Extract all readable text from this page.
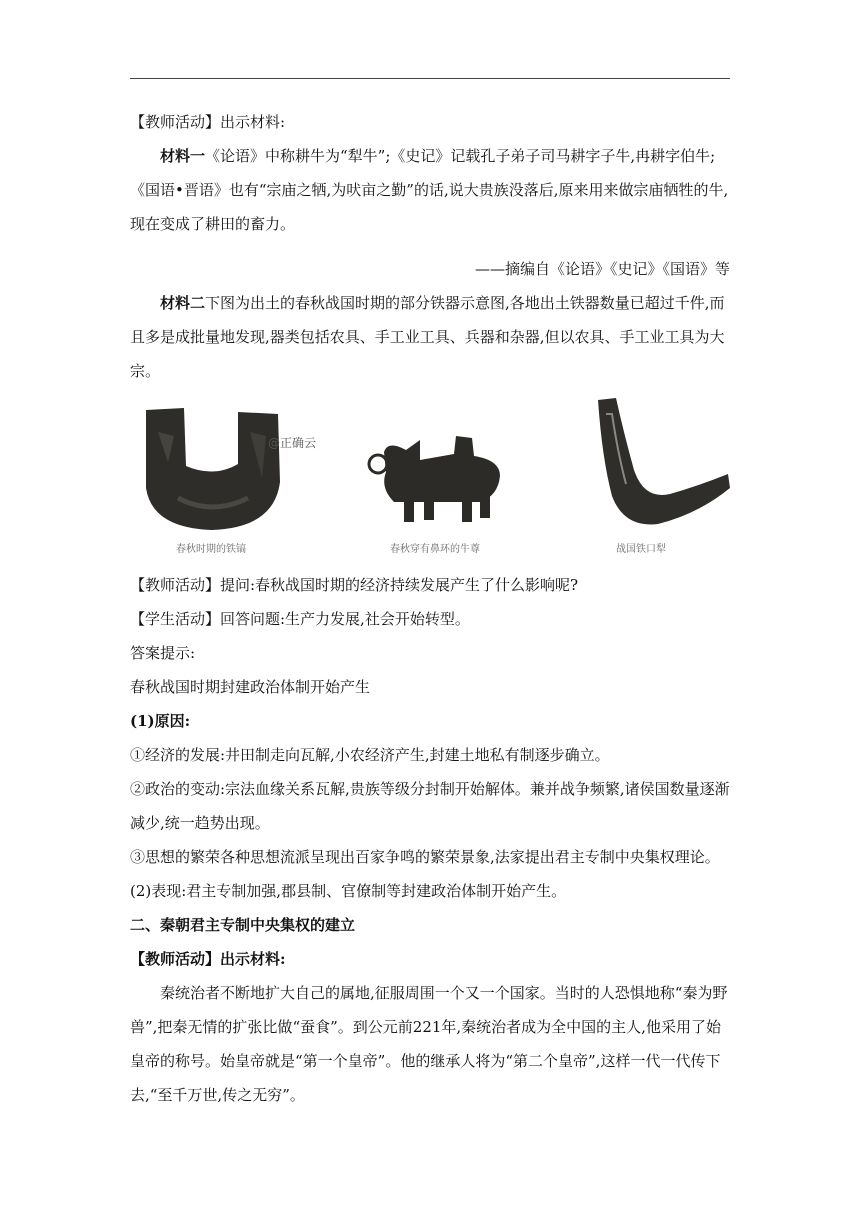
【教师活动】出示材料:
材料一《论语》中称耕牛为“犁牛”;《史记》记载孔子弟子司马耕字子牛,冉耕字伯牛;《国语•晋语》也有“宗庙之牺,为吠亩之勤”的话,说大贵族没落后,原来用来做宗庙牺牲的牛,现在变成了耕田的畜力。
——摘编自《论语》《史记》《国语》等
材料二下图为出土的春秋战国时期的部分铁器示意图,各地出土铁器数量已超过千件,而且多是成批量地发现,器类包括农具、手工业工具、兵器和杂器,但以农具、手工业工具为大宗。
@正确云
春秋时期的铁镐	春秋穿有鼻环的牛尊	战国铁口犁
【教师活动】提问:春秋战国时期的经济持续发展产生了什么影响呢?
【学生活动】回答问题:生产力发展,社会开始转型。
答案提示:
春秋战国时期封建政治体制开始产生
(1)原因:
①经济的发展:井田制走向瓦解,小农经济产生,封建土地私有制逐步确立。
②政治的变动:宗法血缘关系瓦解,贵族等级分封制开始解体。兼并战争频繁,诸侯国数量逐渐减少,统一趋势出现。
③思想的繁荣各种思想流派呈现出百家争鸣的繁荣景象,法家提出君主专制中央集权理论。
(2)表现:君主专制加强,郡县制、官僚制等封建政治体制开始产生。
二、秦朝君主专制中央集权的建立
【教师活动】出示材料:
秦统治者不断地扩大自己的属地,征服周围一个又一个国家。当时的人恐惧地称“秦为野兽”,把秦无情的扩张比做“蚕食”。到公元前221年,秦统治者成为全中国的主人,他采用了始皇帝的称号。始皇帝就是“第一个皇帝”。他的继承人将为“第二个皇帝”,这样一代一代传下去,“至千万世,传之无穷”。
